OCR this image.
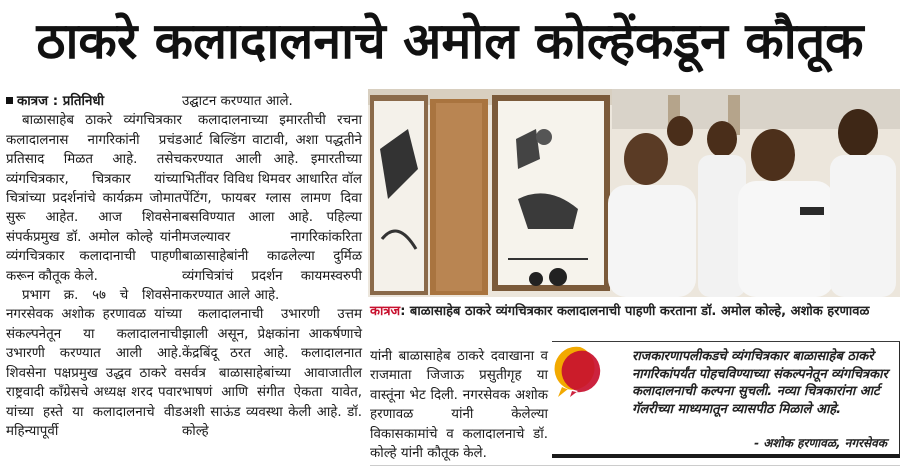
ठाकरे कलादालनाचे अमोल कोल्हेंकडून कौतूक

कात्रज : प्रतिनिधी

बाळासाहेब ठाकरे व्यंगचित्रकार कलादालनास नागरिकांनी प्रचंड प्रतिसाद मिळत आहे. तसेच व्यंगचित्रकार, चित्रकार यांच्या चित्रांच्या प्रदर्शनांचे कार्यक्रम जोमात सुरू आहेत. आज शिवसेना संपर्कप्रमुख डॉ. अमोल कोल्हे यांनी व्यंगचित्रकार कलादानाची पाहणी करून कौतूक केले.

प्रभाग क्र. ५७ चे शिवसेना नगरसेवक अशोक हरणावळ यांच्या संकल्पनेतून या कलादालनाची उभारणी करण्यात आली आहे. शिवसेना पक्षप्रमुख उद्धव ठाकरे व राष्ट्रवादी काँग्रेसचे अध्यक्ष शरद पवार यांच्या हस्ते या कलादालनाचे वीड महिन्यापूर्वी

उद्घाटन करण्यात आले.

कलादालनाच्या इमारतीची रचना आर्ट बिल्डिंग वाटावी, अशा पद्धतीने करण्यात आली आहे. इमारतीच्या भितींवर विविध थिमवर आधारित वॉल पेंटिंग, फायबर ग्लास लामण दिवा बसविण्यात आला आहे. पहिल्या मजल्यावर नागरिकांकरिता बाळासाहेबांनी काढलेल्या दुर्मिळ व्यंगचित्रांचं प्रदर्शन कायमस्वरुपी करण्यात आले आहे.

कलादालनाची उभारणी उत्तम झाली असून, प्रेक्षकांना आकर्षणाचे केंद्रबिंदू ठरत आहे. कलादालनात सर्वत्र बाळासाहेबांच्या आवाजातील भाषणं आणि संगीत ऐकता यावेत, अशी साऊंड व्यवस्था केली आहे. डॉ. कोल्हे

कात्रज: बाळासाहेब ठाकरे व्यंगचित्रकार कलादालनाची पाहणी करताना डॉ. अमोल कोल्हे, अशोक हरणावळ
यांनी बाळासाहेब ठाकरे दवाखाना व राजमाता जिजाऊ प्रसुतीगृह या वास्तूंना भेट दिली. नगरसेवक अशोक हरणावळ यांनी केलेल्या विकासकामांचे व कलादालनाचे डॉ. कोल्हे यांनी कौतूक केले.
राजकारणापलीकडचे व्यंगचित्रकार बाळासाहेब ठाकरे नागरिकांपर्यंत पोहचविण्याच्या संकल्पनेतून व्यंगचित्रकार कलादालनाची कल्पना सुचली. नव्या चित्रकारांना आर्ट गॅलरीच्या माध्यमातून व्यासपीठ मिळाले आहे.
- अशोक हरणावळ, नगरसेवक
